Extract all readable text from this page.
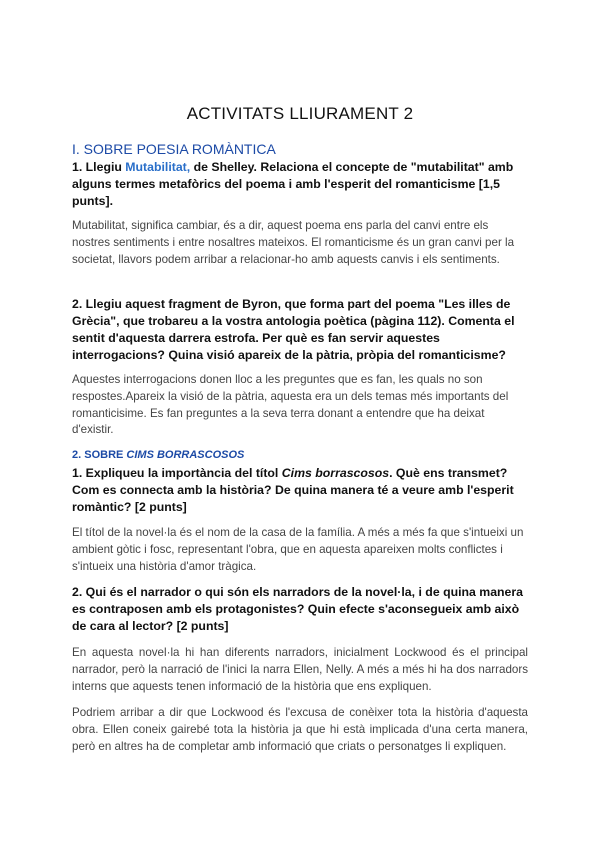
ACTIVITATS LLIURAMENT 2
I. SOBRE POESIA ROMÀNTICA

1. Llegiu Mutabilitat, de Shelley. Relaciona el concepte de "mutabilitat" amb alguns termes metafòrics del poema i amb l'esperit del romanticisme [1,5 punts].

Mutabilitat, significa cambiar, és a dir, aquest poema ens parla del canvi entre els nostres sentiments i entre nosaltres mateixos. El romanticisme és un gran canvi per la societat, llavors podem arribar a relacionar-ho amb aquests canvis i els sentiments.

2. Llegiu aquest fragment de Byron, que forma part del poema "Les illes de Grècia", que trobareu a la vostra antologia poètica (pàgina 112). Comenta el sentit d'aquesta darrera estrofa. Per què es fan servir aquestes interrogacions? Quina visió apareix de la pàtria, pròpia del romanticisme?

Aquestes interrogacions donen lloc a les preguntes que es fan, les quals no son respostes.Apareix la visió de la pàtria, aquesta era un dels temas més importants del romanticisime. Es fan preguntes a la seva terra donant a entendre que ha deixat d'existir.

2. SOBRE CIMS BORRASCOSOS

1. Expliqueu la importància del títol Cims borrascosos. Què ens transmet? Com es connecta amb la història? De quina manera té a veure amb l'esperit romàntic? [2 punts]

El títol de la novel·la és el nom de la casa de la família. A més a més fa que s'intueixi un ambient gòtic i fosc, representant l'obra, que en aquesta apareixen molts conflictes i s'intueix una història d'amor tràgica.

2. Qui és el narrador o qui són els narradors de la novel·la, i de quina manera es contraposen amb els protagonistes? Quin efecte s'aconsegueix amb això de cara al lector? [2 punts]

En aquesta novel·la hi han diferents narradors, inicialment Lockwood és el principal narrador, però la narració de l'inici la narra Ellen, Nelly. A més a més hi ha dos narradors interns que aquests tenen informació de la història que ens expliquen.

Podriem arribar a dir que Lockwood és l'excusa de conèixer tota la història d'aquesta obra. Ellen coneix gairebé tota la història ja que hi està implicada d'una certa manera, però en altres ha de completar amb informació que criats o personatges li expliquen.
